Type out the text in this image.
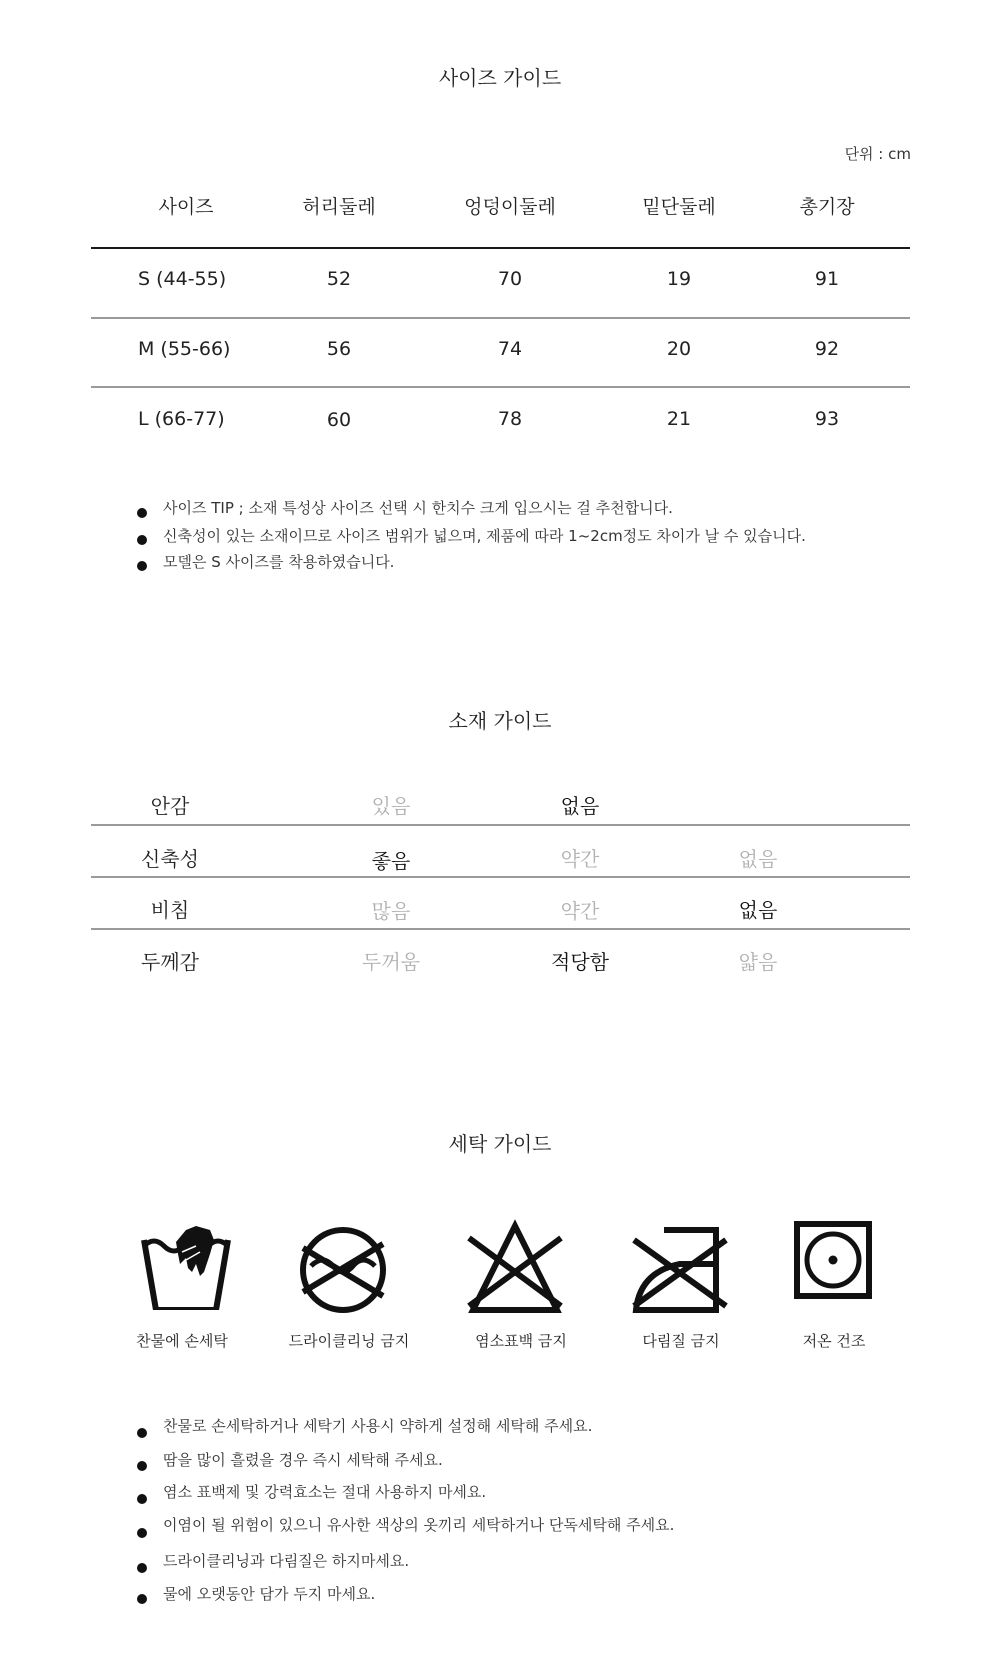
사이즈 가이드
단위 : cm
사이즈	허리둘레	엉덩이둘레	밑단둘레	총기장
S (44-55)	52	70	19	91
M (55-66)	56	74	20	92
L (66-77)	60	78	21	93
사이즈 TIP ; 소재 특성상 사이즈 선택 시 한치수 크게 입으시는 걸 추천합니다.
신축성이 있는 소재이므로 사이즈 범위가 넓으며, 제품에 따라 1~2cm정도 차이가 날 수 있습니다.
모델은 S 사이즈를 착용하였습니다.
소재 가이드
안감	있음	없음
신축성	좋음	약간	없음
비침	많음	약간	없음
두께감	두꺼움	적당함	얇음
세탁 가이드
찬물에 손세탁	드라이클리닝 금지	염소표백 금지	다림질 금지	저온 건조
찬물로 손세탁하거나 세탁기 사용시 약하게 설정해 세탁해 주세요.
땀을 많이 흘렸을 경우 즉시 세탁해 주세요.
염소 표백제 및 강력효소는 절대 사용하지 마세요.
이염이 될 위험이 있으니 유사한 색상의 옷끼리 세탁하거나 단독세탁해 주세요.
드라이클리닝과 다림질은 하지마세요.
물에 오랫동안 담가 두지 마세요.
